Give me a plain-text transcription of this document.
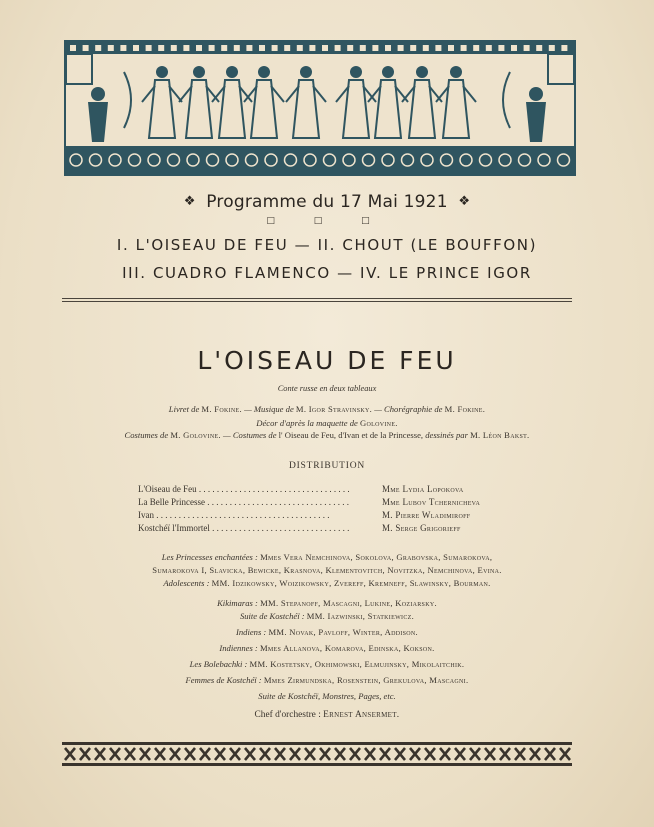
❖ Programme du 17 Mai 1921 ❖
□ □ □
I. L'OISEAU DE FEU — II. CHOUT (LE BOUFFON)
III. CUADRO FLAMENCO — IV. LE PRINCE IGOR
L'OISEAU DE FEU
Conte russe en deux tableaux
Livret de M. Fokine. — Musique de M. Igor Stravinsky. — Chorégraphie de M. Fokine.
Décor d'après la maquette de Golovine.
Costumes de M. Golovine. — Costumes de l' Oiseau de Feu, d'Ivan et de la Princesse, dessinés par M. Léon Bakst.
DISTRIBUTION
L'Oiseau de Feu . . . . . . . . . . . . . . . . . . . . . . . . . . . . . . . . . .	Mme Lydia Lopokova
La Belle Princesse . . . . . . . . . . . . . . . . . . . . . . . . . . . . . . . .	Mme Lubov Tchernicheva
Ivan . . . . . . . . . . . . . . . . . . . . . . . . . . . . . . . . . . . . . . .	M. Pierre Wladimiroff
Kostchéï l'Immortel . . . . . . . . . . . . . . . . . . . . . . . . . . . . . . .	M. Serge Grigorieff
Les Princesses enchantées : Mmes Vera Nemchinova, Sokolova, Grabovska, Sumarokova,
Sumarokova I, Slavicka, Bewicke, Krasnova, Klementovitch, Novitzka, Nemchinova, Evina.
Adolescents : MM. Idzikowsky, Woizikowsky, Zvereff, Kremneff, Slawinsky, Bourman.
Kikimaras : MM. Stepanoff, Mascagni, Lukine, Koziarsky.
Suite de Kostchéï : MM. Iazwinski, Statkiewicz.
Indiens : MM. Novak, Pavloff, Winter, Addison.
Indiennes : Mmes Allanova, Komarova, Edinska, Kokson.
Les Bolebachki : MM. Kostetsky, Okhimowski, Elmujinsky, Mikolaitchik.
Femmes de Kostchéï : Mmes Zirmundska, Rosenstein, Grekulova, Mascagni.
Suite de Kostchéï, Monstres, Pages, etc.
Chef d'orchestre : Ernest Ansermet.
